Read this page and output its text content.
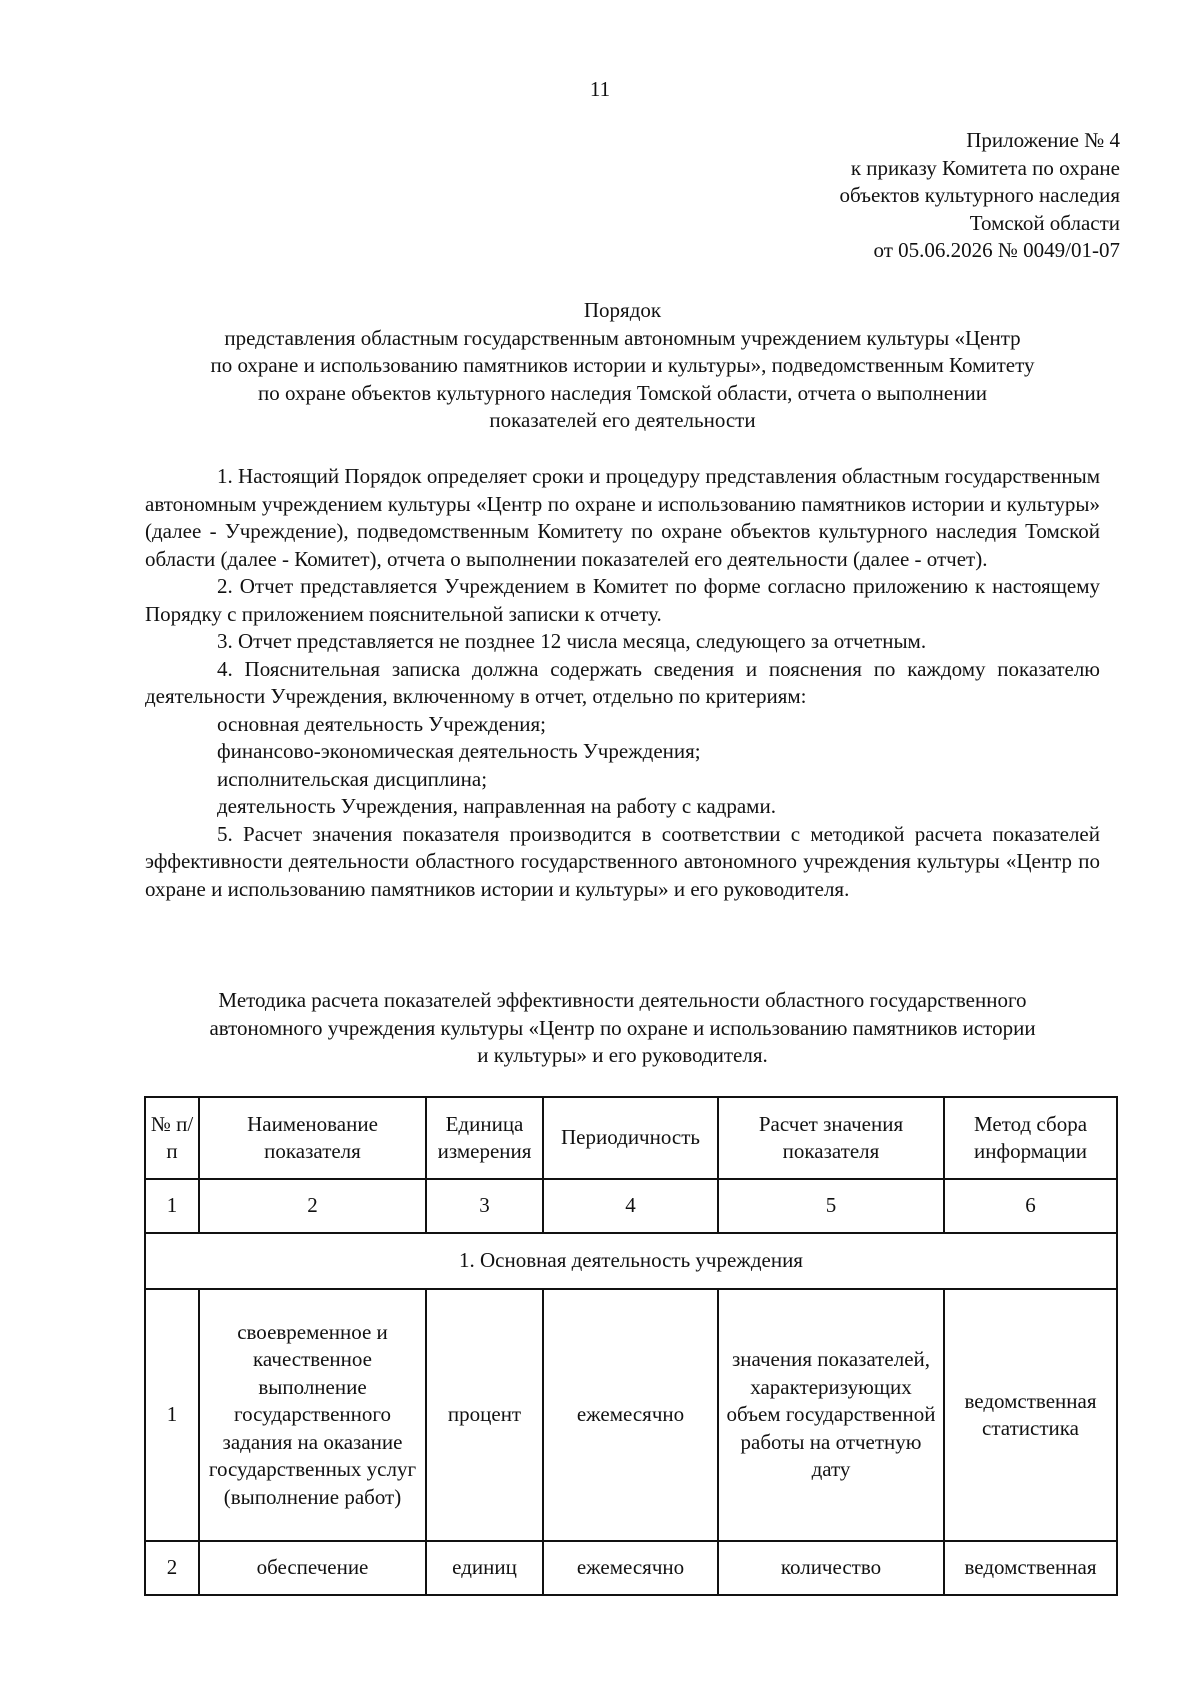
11
Приложение № 4
к приказу Комитета по охране
объектов культурного наследия
Томской области
от 05.06.2026 № 0049/01-07
Порядок
представления областным государственным автономным учреждением культуры «Центр
по охране и использованию памятников истории и культуры», подведомственным Комитету
по охране объектов культурного наследия Томской области, отчета о выполнении
показателей его деятельности

1. Настоящий Порядок определяет сроки и процедуру представления областным государственным автономным учреждением культуры «Центр по охране и использованию памятников истории и культуры» (далее - Учреждение), подведомственным Комитету по охране объектов культурного наследия Томской области (далее - Комитет), отчета о выполнении показателей его деятельности (далее - отчет).

2. Отчет представляется Учреждением в Комитет по форме согласно приложению к настоящему Порядку с приложением пояснительной записки к отчету.

3. Отчет представляется не позднее 12 числа месяца, следующего за отчетным.

4. Пояснительная записка должна содержать сведения и пояснения по каждому показателю деятельности Учреждения, включенному в отчет, отдельно по критериям:

основная деятельность Учреждения;

финансово-экономическая деятельность Учреждения;

исполнительская дисциплина;

деятельность Учреждения, направленная на работу с кадрами.

5. Расчет значения показателя производится в соответствии с методикой расчета показателей эффективности деятельности областного государственного автономного учреждения культуры «Центр по охране и использованию памятников истории и культуры» и его руководителя.

Методика расчета показателей эффективности деятельности областного государственного
автономного учреждения культуры «Центр по охране и использованию памятников истории
и культуры» и его руководителя.
№ п/п	Наименование показателя	Единица измерения	Периодичность	Расчет значения показателя	Метод сбора информации
1	2	3	4	5	6
1. Основная деятельность учреждения					
1	своевременное и качественное выполнение государственного задания на оказание государственных услуг (выполнение работ)	процент	ежемесячно	значения показателей, характеризующих объем государственной работы на отчетную дату	ведомственная статистика
2	обеспечение	единиц	ежемесячно	количество	ведомственная
